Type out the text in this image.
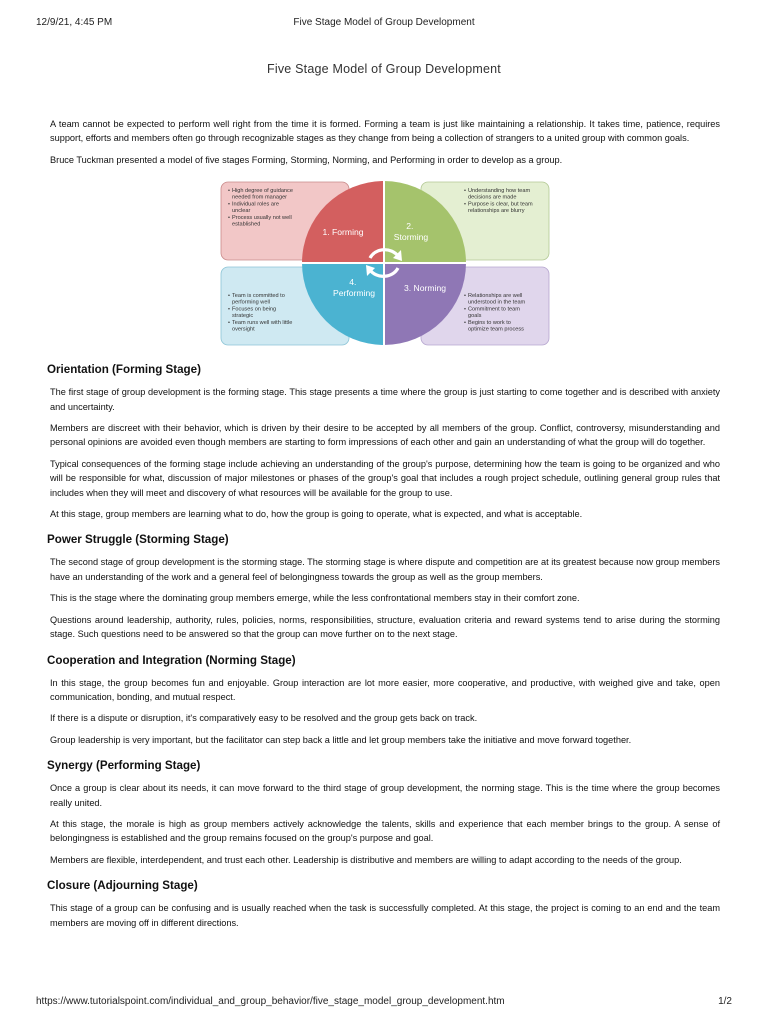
12/9/21, 4:45 PM	Five Stage Model of Group Development
Five Stage Model of Group Development

A team cannot be expected to perform well right from the time it is formed. Forming a team is just like maintaining a relationship. It takes time, patience, requires support, efforts and members often go through recognizable stages as they change from being a collection of strangers to a united group with common goals.

Bruce Tuckman presented a model of five stages Forming, Storming, Norming, and Performing in order to develop as a group.

1. Forming
2. Storming
3. Norming
4. Performing
• High degree of guidance
needed from manager
• Individual roles are
unclear
• Process usually not well
established
• Understanding how team
decisions are made
• Purpose is clear, but team
relationships are blurry
• Team is committed to
performing well
• Focuses on being
strategic
• Team runs well with little
oversight
• Relationships are well
understood in the team
• Commitment to team
goals
• Begins to work to
optimize team process
Orientation (Forming Stage)

The first stage of group development is the forming stage. This stage presents a time where the group is just starting to come together and is described with anxiety and uncertainty.

Members are discreet with their behavior, which is driven by their desire to be accepted by all members of the group. Conflict, controversy, misunderstanding and personal opinions are avoided even though members are starting to form impressions of each other and gain an understanding of what the group will do together.

Typical consequences of the forming stage include achieving an understanding of the group's purpose, determining how the team is going to be organized and who will be responsible for what, discussion of major milestones or phases of the group's goal that includes a rough project schedule, outlining general group rules that includes when they will meet and discovery of what resources will be available for the group to use.

At this stage, group members are learning what to do, how the group is going to operate, what is expected, and what is acceptable.

Power Struggle (Storming Stage)

The second stage of group development is the storming stage. The storming stage is where dispute and competition are at its greatest because now group members have an understanding of the work and a general feel of belongingness towards the group as well as the group members.

This is the stage where the dominating group members emerge, while the less confrontational members stay in their comfort zone.

Questions around leadership, authority, rules, policies, norms, responsibilities, structure, evaluation criteria and reward systems tend to arise during the storming stage. Such questions need to be answered so that the group can move further on to the next stage.

Cooperation and Integration (Norming Stage)

In this stage, the group becomes fun and enjoyable. Group interaction are lot more easier, more cooperative, and productive, with weighed give and take, open communication, bonding, and mutual respect.

If there is a dispute or disruption, it's comparatively easy to be resolved and the group gets back on track.

Group leadership is very important, but the facilitator can step back a little and let group members take the initiative and move forward together.

Synergy (Performing Stage)

Once a group is clear about its needs, it can move forward to the third stage of group development, the norming stage. This is the time where the group becomes really united.

At this stage, the morale is high as group members actively acknowledge the talents, skills and experience that each member brings to the group. A sense of belongingness is established and the group remains focused on the group's purpose and goal.

Members are flexible, interdependent, and trust each other. Leadership is distributive and members are willing to adapt according to the needs of the group.

Closure (Adjourning Stage)

This stage of a group can be confusing and is usually reached when the task is successfully completed. At this stage, the project is coming to an end and the team members are moving off in different directions.

https://www.tutorialspoint.com/individual_and_group_behavior/five_stage_model_group_development.htm	1/2
